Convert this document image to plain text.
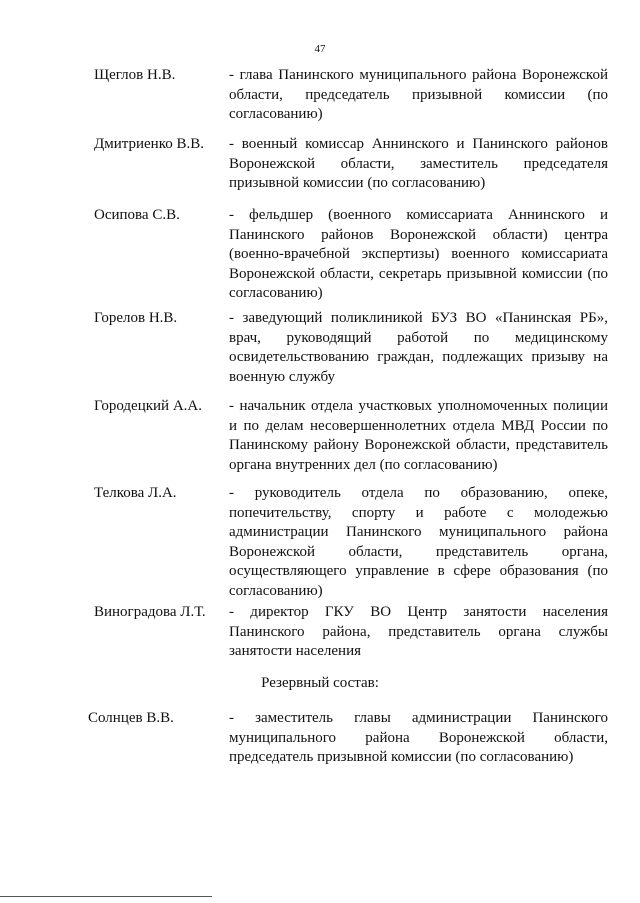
47
Щеглов Н.В.	- глава Панинского муниципального района Воронежской области, председатель призывной комиссии (по согласованию)
Дмитриенко В.В. - военный комиссар Аннинского и Панинского районов Воронежской области, заместитель председателя призывной комиссии (по согласованию)
Осипова С.В.	- фельдшер (военного комиссариата Аннинского и Панинского районов Воронежской области) центра (военно-врачебной экспертизы) военного комиссариата Воронежской области, секретарь призывной комиссии (по согласованию)
Горелов Н.В.	- заведующий поликлиникой БУЗ ВО «Панинская РБ», врач, руководящий работой по медицинскому освидетельствованию граждан, подлежащих призыву на военную службу
Городецкий А.А. - начальник отдела участковых уполномоченных полиции и по делам несовершеннолетних отдела МВД России по Панинскому району Воронежской области, представитель органа внутренних дел (по согласованию)
Телкова Л.А.	- руководитель отдела по образованию, опеке, попечительству, спорту и работе с молодежью администрации Панинского муниципального района Воронежской области, представитель органа, осуществляющего управление в сфере образования (по согласованию)
Виноградова Л.Т. - директор ГКУ ВО Центр занятости населения Панинского района, представитель органа службы занятости населения
Резервный состав:
Солнцев В.В.	- заместитель главы администрации Панинского муниципального района Воронежской области, председатель призывной комиссии (по согласованию)
